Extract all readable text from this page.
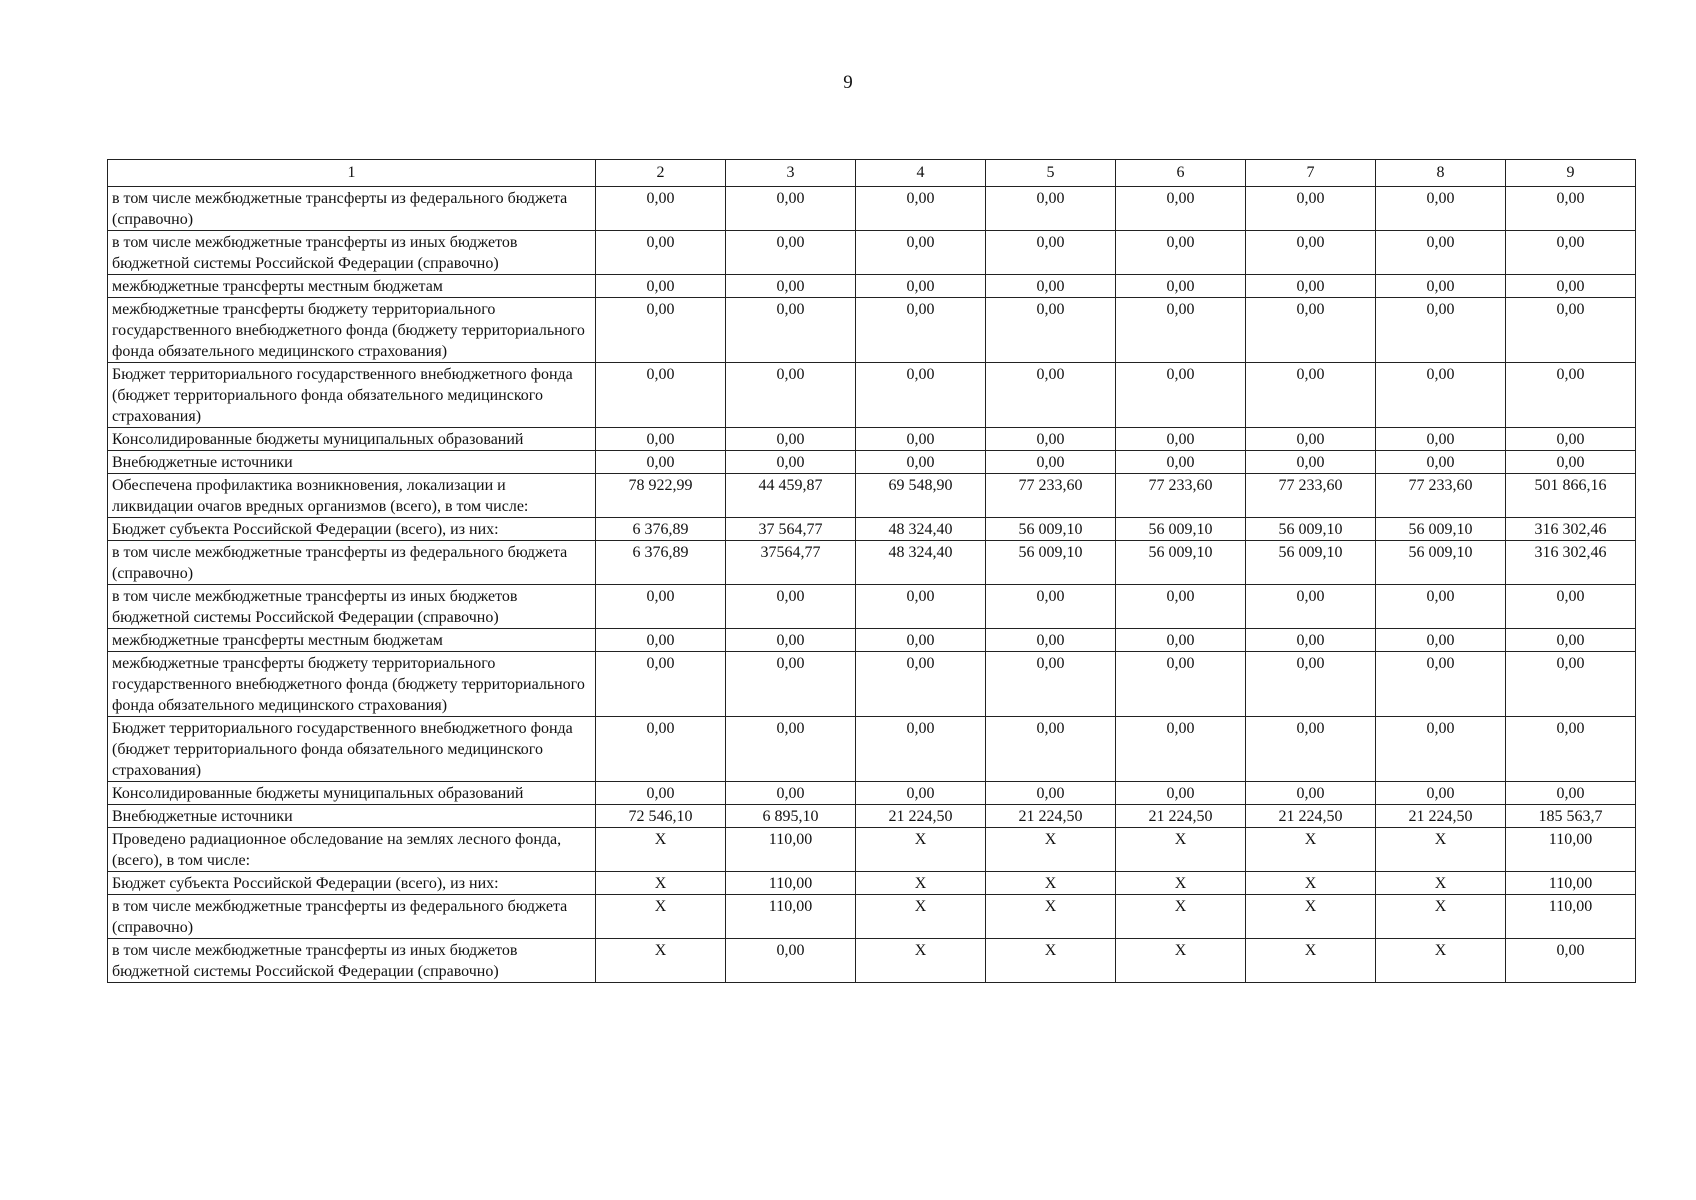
9
1	2	3	4	5	6	7	8	9
в том числе межбюджетные трансферты из федерального бюджета (справочно)	0,00	0,00	0,00	0,00	0,00	0,00	0,00	0,00
в том числе межбюджетные трансферты из иных бюджетов бюджетной системы Российской Федерации (справочно)	0,00	0,00	0,00	0,00	0,00	0,00	0,00	0,00
межбюджетные трансферты местным бюджетам	0,00	0,00	0,00	0,00	0,00	0,00	0,00	0,00
межбюджетные трансферты бюджету территориального государственного внебюджетного фонда (бюджету территориального фонда обязательного медицинского страхования)	0,00	0,00	0,00	0,00	0,00	0,00	0,00	0,00
Бюджет территориального государственного внебюджетного фонда (бюджет территориального фонда обязательного медицинского страхования)	0,00	0,00	0,00	0,00	0,00	0,00	0,00	0,00
Консолидированные бюджеты муниципальных образований	0,00	0,00	0,00	0,00	0,00	0,00	0,00	0,00
Внебюджетные источники	0,00	0,00	0,00	0,00	0,00	0,00	0,00	0,00
Обеспечена профилактика возникновения, локализации и ликвидации очагов вредных организмов (всего), в том числе:	78 922,99	44 459,87	69 548,90	77 233,60	77 233,60	77 233,60	77 233,60	501 866,16
Бюджет субъекта Российской Федерации (всего), из них:	6 376,89	37 564,77	48 324,40	56 009,10	56 009,10	56 009,10	56 009,10	316 302,46
в том числе межбюджетные трансферты из федерального бюджета (справочно)	6 376,89	37564,77	48 324,40	56 009,10	56 009,10	56 009,10	56 009,10	316 302,46
в том числе межбюджетные трансферты из иных бюджетов бюджетной системы Российской Федерации (справочно)	0,00	0,00	0,00	0,00	0,00	0,00	0,00	0,00
межбюджетные трансферты местным бюджетам	0,00	0,00	0,00	0,00	0,00	0,00	0,00	0,00
межбюджетные трансферты бюджету территориального государственного внебюджетного фонда (бюджету территориального фонда обязательного медицинского страхования)	0,00	0,00	0,00	0,00	0,00	0,00	0,00	0,00
Бюджет территориального государственного внебюджетного фонда (бюджет территориального фонда обязательного медицинского страхования)	0,00	0,00	0,00	0,00	0,00	0,00	0,00	0,00
Консолидированные бюджеты муниципальных образований	0,00	0,00	0,00	0,00	0,00	0,00	0,00	0,00
Внебюджетные источники	72 546,10	6 895,10	21 224,50	21 224,50	21 224,50	21 224,50	21 224,50	185 563,7
Проведено радиационное обследование на землях лесного фонда, (всего), в том числе:	X	110,00	X	X	X	X	X	110,00
Бюджет субъекта Российской Федерации (всего), из них:	X	110,00	X	X	X	X	X	110,00
в том числе межбюджетные трансферты из федерального бюджета (справочно)	X	110,00	X	X	X	X	X	110,00
в том числе межбюджетные трансферты из иных бюджетов бюджетной системы Российской Федерации (справочно)	X	0,00	X	X	X	X	X	0,00
